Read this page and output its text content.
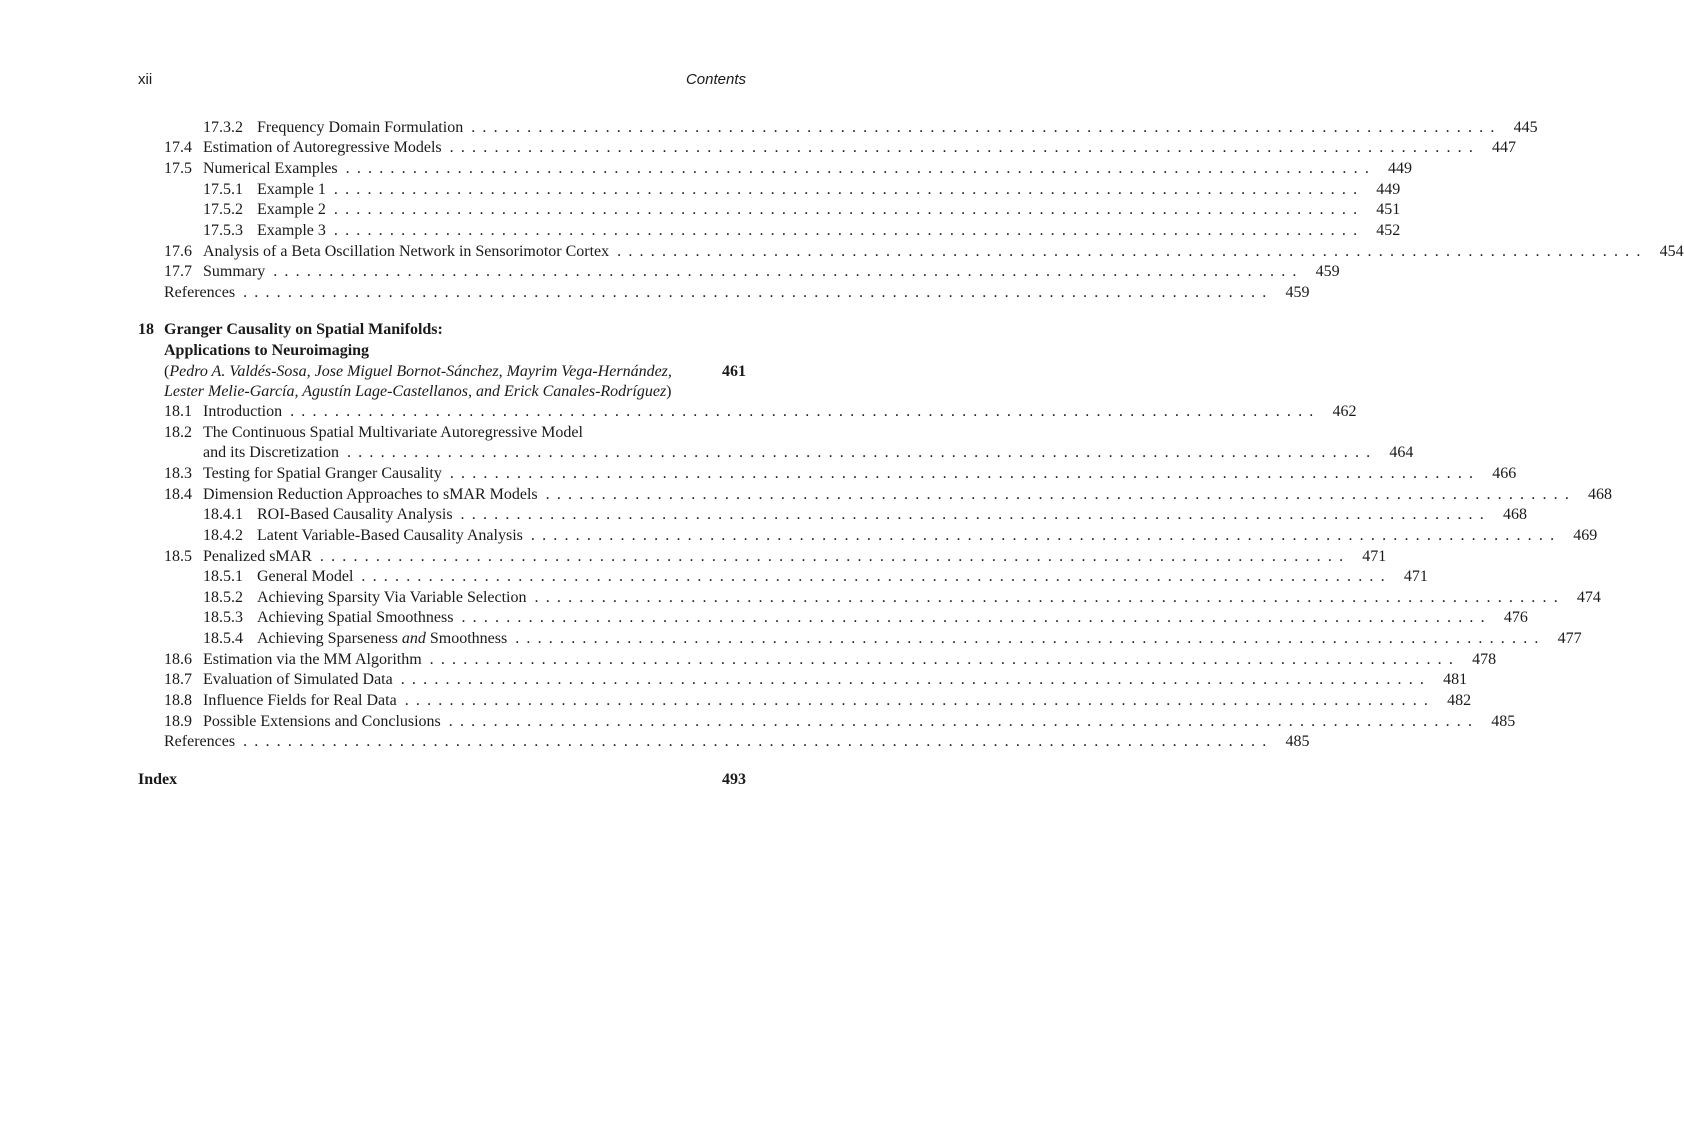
xii	Contents
17.3.2 Frequency Domain Formulation ............................................................................................ 445
17.4 Estimation of Autoregressive Models ............................................................................................ 447
17.5 Numerical Examples ............................................................................................ 449
17.5.1 Example 1 ............................................................................................ 449
17.5.2 Example 2 ............................................................................................ 451
17.5.3 Example 3 ............................................................................................ 452
17.6 Analysis of a Beta Oscillation Network in Sensorimotor Cortex ............................................................................................ 454
17.7 Summary ............................................................................................ 459
References ............................................................................................ 459
18 Granger Causality on Spatial Manifolds:
Applications to Neuroimaging
( Pedro A. Valdés-Sosa, Jose Miguel Bornot-Sánchez, Mayrim Vega-Hernández,	461
Lester Melie-García, Agustín Lage-Castellanos, and Erick Canales-Rodríguez )
18.1 Introduction ............................................................................................ 462
18.2 The Continuous Spatial Multivariate Autoregressive Model
and its Discretization ............................................................................................ 464
18.3 Testing for Spatial Granger Causality ............................................................................................ 466
18.4 Dimension Reduction Approaches to sMAR Models ............................................................................................ 468
18.4.1 ROI-Based Causality Analysis ............................................................................................ 468
18.4.2 Latent Variable-Based Causality Analysis ............................................................................................ 469
18.5 Penalized sMAR ............................................................................................ 471
18.5.1 General Model ............................................................................................ 471
18.5.2 Achieving Sparsity Via Variable Selection ............................................................................................ 474
18.5.3 Achieving Spatial Smoothness ............................................................................................ 476
18.5.4 Achieving Sparseness and Smoothness ............................................................................................ 477
18.6 Estimation via the MM Algorithm ............................................................................................ 478
18.7 Evaluation of Simulated Data ............................................................................................ 481
18.8 Influence Fields for Real Data ............................................................................................ 482
18.9 Possible Extensions and Conclusions ............................................................................................ 485
References ............................................................................................ 485
Index	493
